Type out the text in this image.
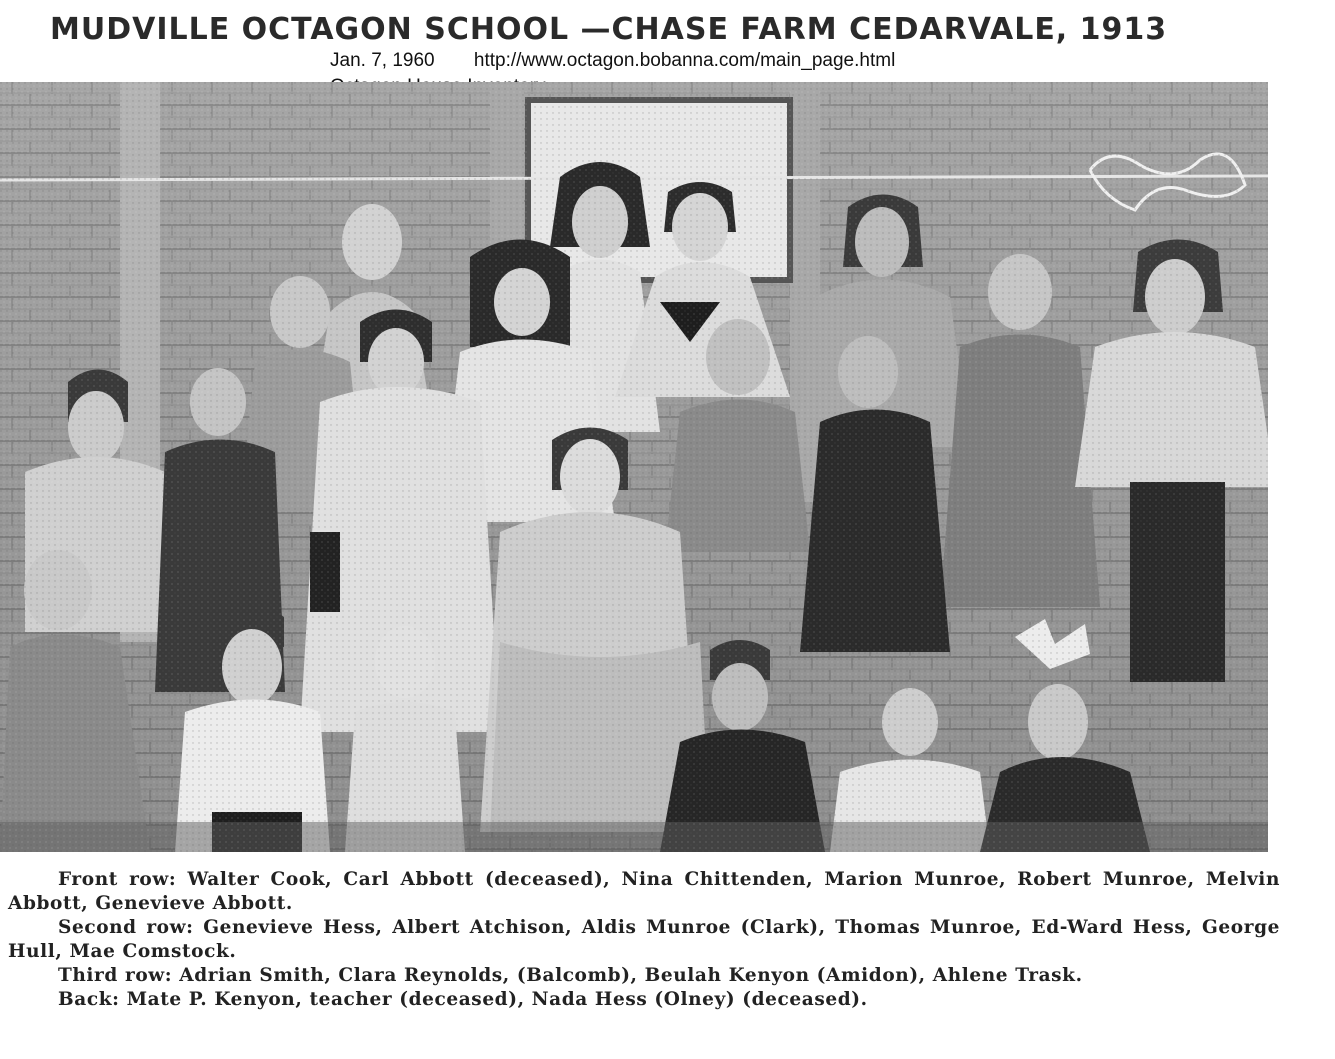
MUDVILLE OCTAGON SCHOOL —CHASE FARM CEDARVALE, 1913
Jan. 7, 1960 http://www.octagon.bobanna.com/main_page.html

Front row: Walter Cook, Carl Abbott (deceased), Nina Chittenden, Marion Munroe, Robert Munroe, Melvin Abbott, Genevieve Abbott.

Second row: Genevieve Hess, Albert Atchison, Aldis Munroe (Clark), Thomas Munroe, Ed-Ward Hess, George Hull, Mae Comstock.

Third row: Adrian Smith, Clara Reynolds, (Balcomb), Beulah Kenyon (Amidon), Ahlene Trask.

Back: Mate P. Kenyon, teacher (deceased), Nada Hess (Olney) (deceased).
